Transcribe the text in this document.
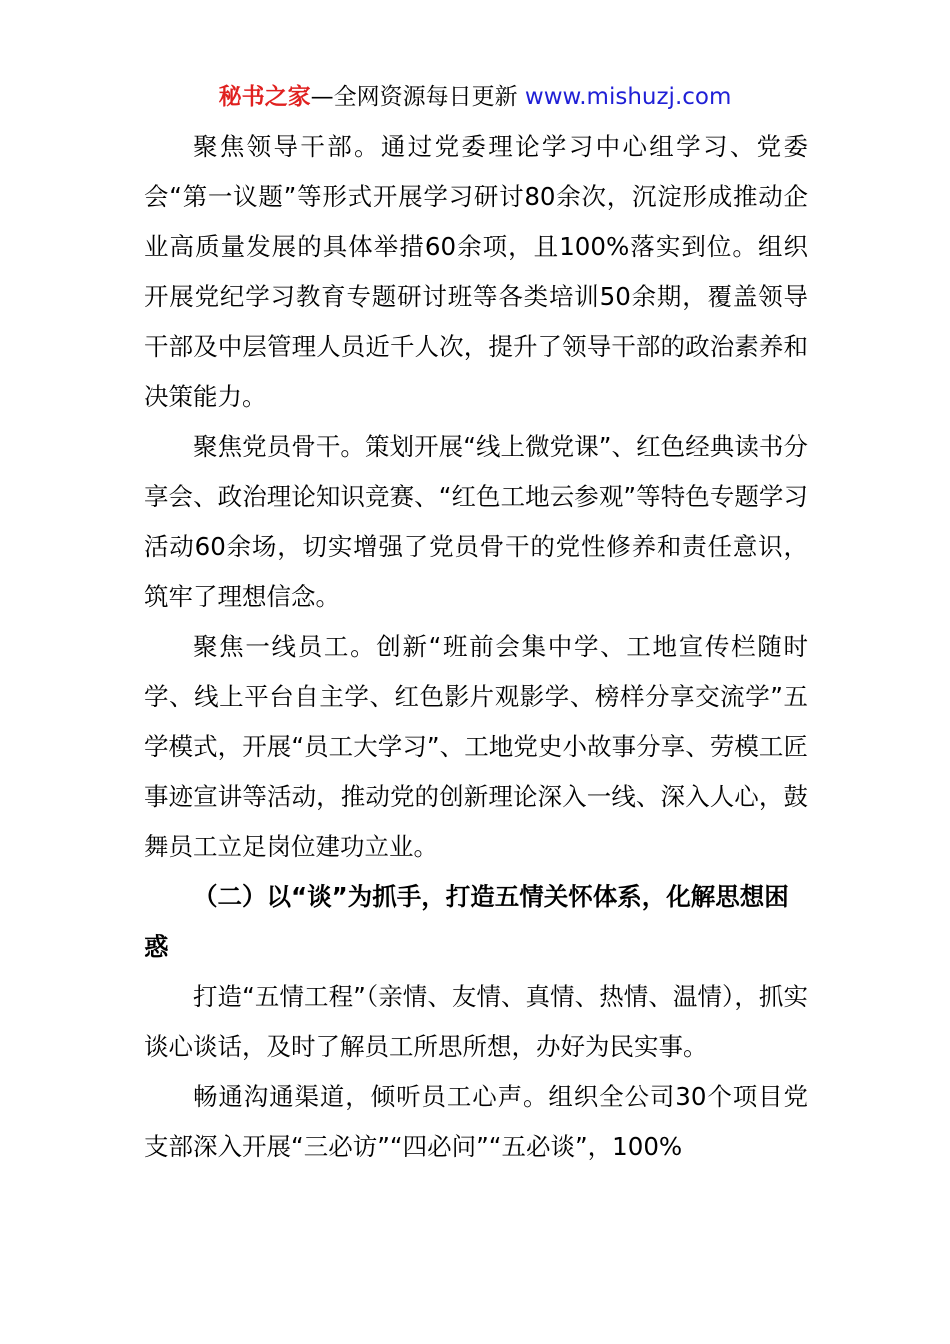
秘书之家—全网资源每日更新 www.mishuzj.com

聚焦领导干部。通过党委理论学习中心组学习、党委会“第一议题”等形式开展学习研讨80余次，沉淀形成推动企业高质量发展的具体举措60余项，且100%落实到位。组织开展党纪学习教育专题研讨班等各类培训50余期，覆盖领导干部及中层管理人员近千人次，提升了领导干部的政治素养和决策能力。

聚焦党员骨干。策划开展“线上微党课”、红色经典读书分享会、政治理论知识竞赛、“红色工地云参观”等特色专题学习活动60余场，切实增强了党员骨干的党性修养和责任意识，筑牢了理想信念。

聚焦一线员工。创新“班前会集中学、工地宣传栏随时学、线上平台自主学、红色影片观影学、榜样分享交流学”五学模式，开展“员工大学习”、工地党史小故事分享、劳模工匠事迹宣讲等活动，推动党的创新理论深入一线、深入人心，鼓舞员工立足岗位建功立业。

（二）以“谈”为抓手，打造五情关怀体系，化解思想困惑

打造“五情工程”（亲情、友情、真情、热情、温情），抓实谈心谈话，及时了解员工所思所想，办好为民实事。

畅通沟通渠道，倾听员工心声。组织全公司30个项目党支部深入开展“三必访”“四必问”“五必谈”，100%
